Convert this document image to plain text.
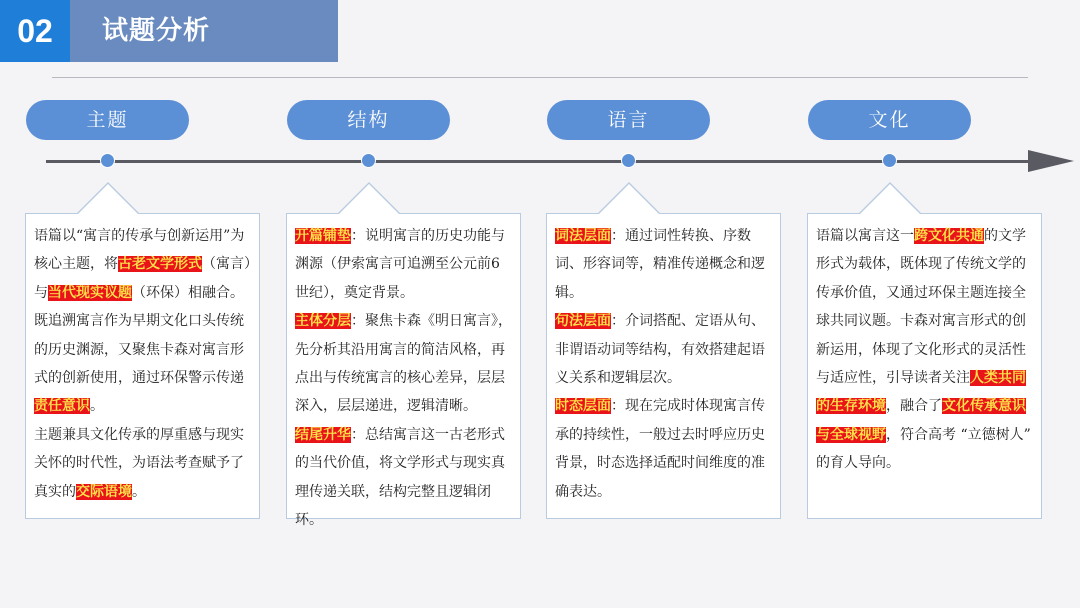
02	试题分析
主题	结构	语言	文化

语篇以“寓言的传承与创新运用”为核心主题，将古老文学形式（寓言）与当代现实议题（环保）相融合。既追溯寓言作为早期文化口头传统的历史渊源，又聚焦卡森对寓言形式的创新使用，通过环保警示传递责任意识。

主题兼具文化传承的厚重感与现实关怀的时代性，为语法考查赋予了真实的交际语境。

开篇铺垫：说明寓言的历史功能与渊源（伊索寓言可追溯至公元前6世纪），奠定背景。

主体分层：聚焦卡森《明日寓言》，先分析其沿用寓言的简洁风格，再点出与传统寓言的核心差异，层层深入，层层递进，逻辑清晰。

结尾升华：总结寓言这一古老形式的当代价值，将文学形式与现实真理传递关联，结构完整且逻辑闭环。

词法层面：通过词性转换、序数词、形容词等，精准传递概念和逻辑。

句法层面：介词搭配、定语从句、非谓语动词等结构，有效搭建起语义关系和逻辑层次。

时态层面：现在完成时体现寓言传承的持续性，一般过去时呼应历史背景，时态选择适配时间维度的准确表达。

语篇以寓言这一跨文化共通的文学形式为载体，既体现了传统文学的传承价值，又通过环保主题连接全球共同议题。卡森对寓言形式的创新运用，体现了文化形式的灵活性与适应性，引导读者关注人类共同的生存环境，融合了文化传承意识与全球视野，符合高考 “立德树人” 的育人导向。
